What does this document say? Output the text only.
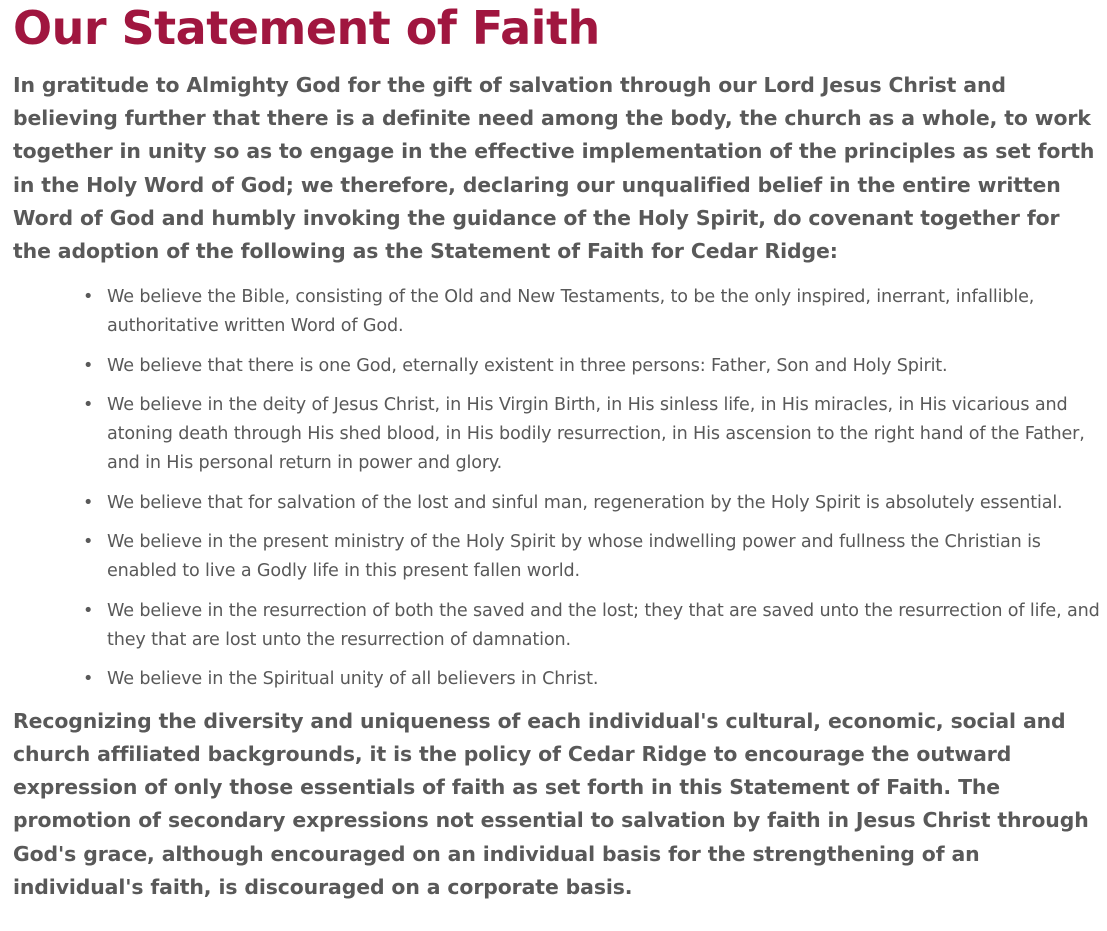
Our Statement of Faith

In gratitude to Almighty God for the gift of salvation through our Lord Jesus Christ and believing further that there is a definite need among the body, the church as a whole, to work together in unity so as to engage in the effective implementation of the principles as set forth in the Holy Word of God; we therefore, declaring our unqualified belief in the entire written Word of God and humbly invoking the guidance of the Holy Spirit, do covenant together for the adoption of the following as the Statement of Faith for Cedar Ridge:

• We believe the Bible, consisting of the Old and New Testaments, to be the only inspired, inerrant, infallible, authoritative written Word of God.
• We believe that there is one God, eternally existent in three persons: Father, Son and Holy Spirit.
• We believe in the deity of Jesus Christ, in His Virgin Birth, in His sinless life, in His miracles, in His vicarious and atoning death through His shed blood, in His bodily resurrection, in His ascension to the right hand of the Father, and in His personal return in power and glory.
• We believe that for salvation of the lost and sinful man, regeneration by the Holy Spirit is absolutely essential.
• We believe in the present ministry of the Holy Spirit by whose indwelling power and fullness the Christian is enabled to live a Godly life in this present fallen world.
• We believe in the resurrection of both the saved and the lost; they that are saved unto the resurrection of life, and they that are lost unto the resurrection of damnation.
• We believe in the Spiritual unity of all believers in Christ.

Recognizing the diversity and uniqueness of each individual's cultural, economic, social and church affiliated backgrounds, it is the policy of Cedar Ridge to encourage the outward expression of only those essentials of faith as set forth in this Statement of Faith. The promotion of secondary expressions not essential to salvation by faith in Jesus Christ through God's grace, although encouraged on an individual basis for the strengthening of an individual's faith, is discouraged on a corporate basis.
